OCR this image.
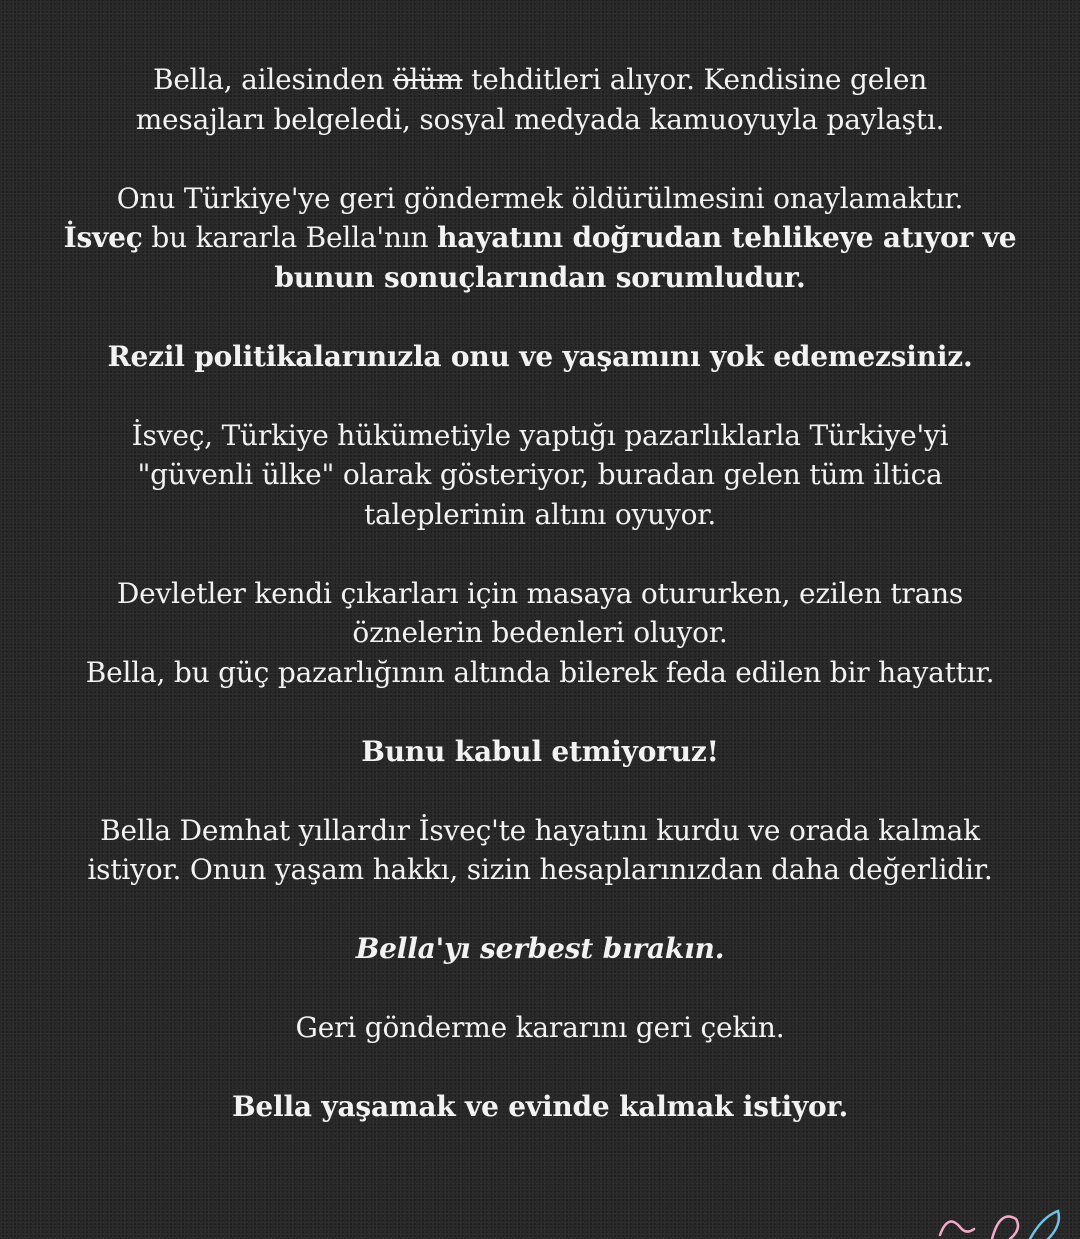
Bella, ailesinden ölüm tehditleri alıyor. Kendisine gelen
mesajları belgeledi, sosyal medyada kamuoyuyla paylaştı.
Onu Türkiye'ye geri göndermek öldürülmesini onaylamaktır.
İsveç bu kararla Bella'nın hayatını doğrudan tehlikeye atıyor ve
bunun sonuçlarından sorumludur.
Rezil politikalarınızla onu ve yaşamını yok edemezsiniz.
İsveç, Türkiye hükümetiyle yaptığı pazarlıklarla Türkiye'yi
"güvenli ülke" olarak gösteriyor, buradan gelen tüm iltica
taleplerinin altını oyuyor.
Devletler kendi çıkarları için masaya otururken, ezilen trans
öznelerin bedenleri oluyor.
Bella, bu güç pazarlığının altında bilerek feda edilen bir hayattır.
Bunu kabul etmiyoruz!
Bella Demhat yıllardır İsveç'te hayatını kurdu ve orada kalmak
istiyor. Onun yaşam hakkı, sizin hesaplarınızdan daha değerlidir.
Bella'yı serbest bırakın.
Geri gönderme kararını geri çekin.
Bella yaşamak ve evinde kalmak istiyor.
